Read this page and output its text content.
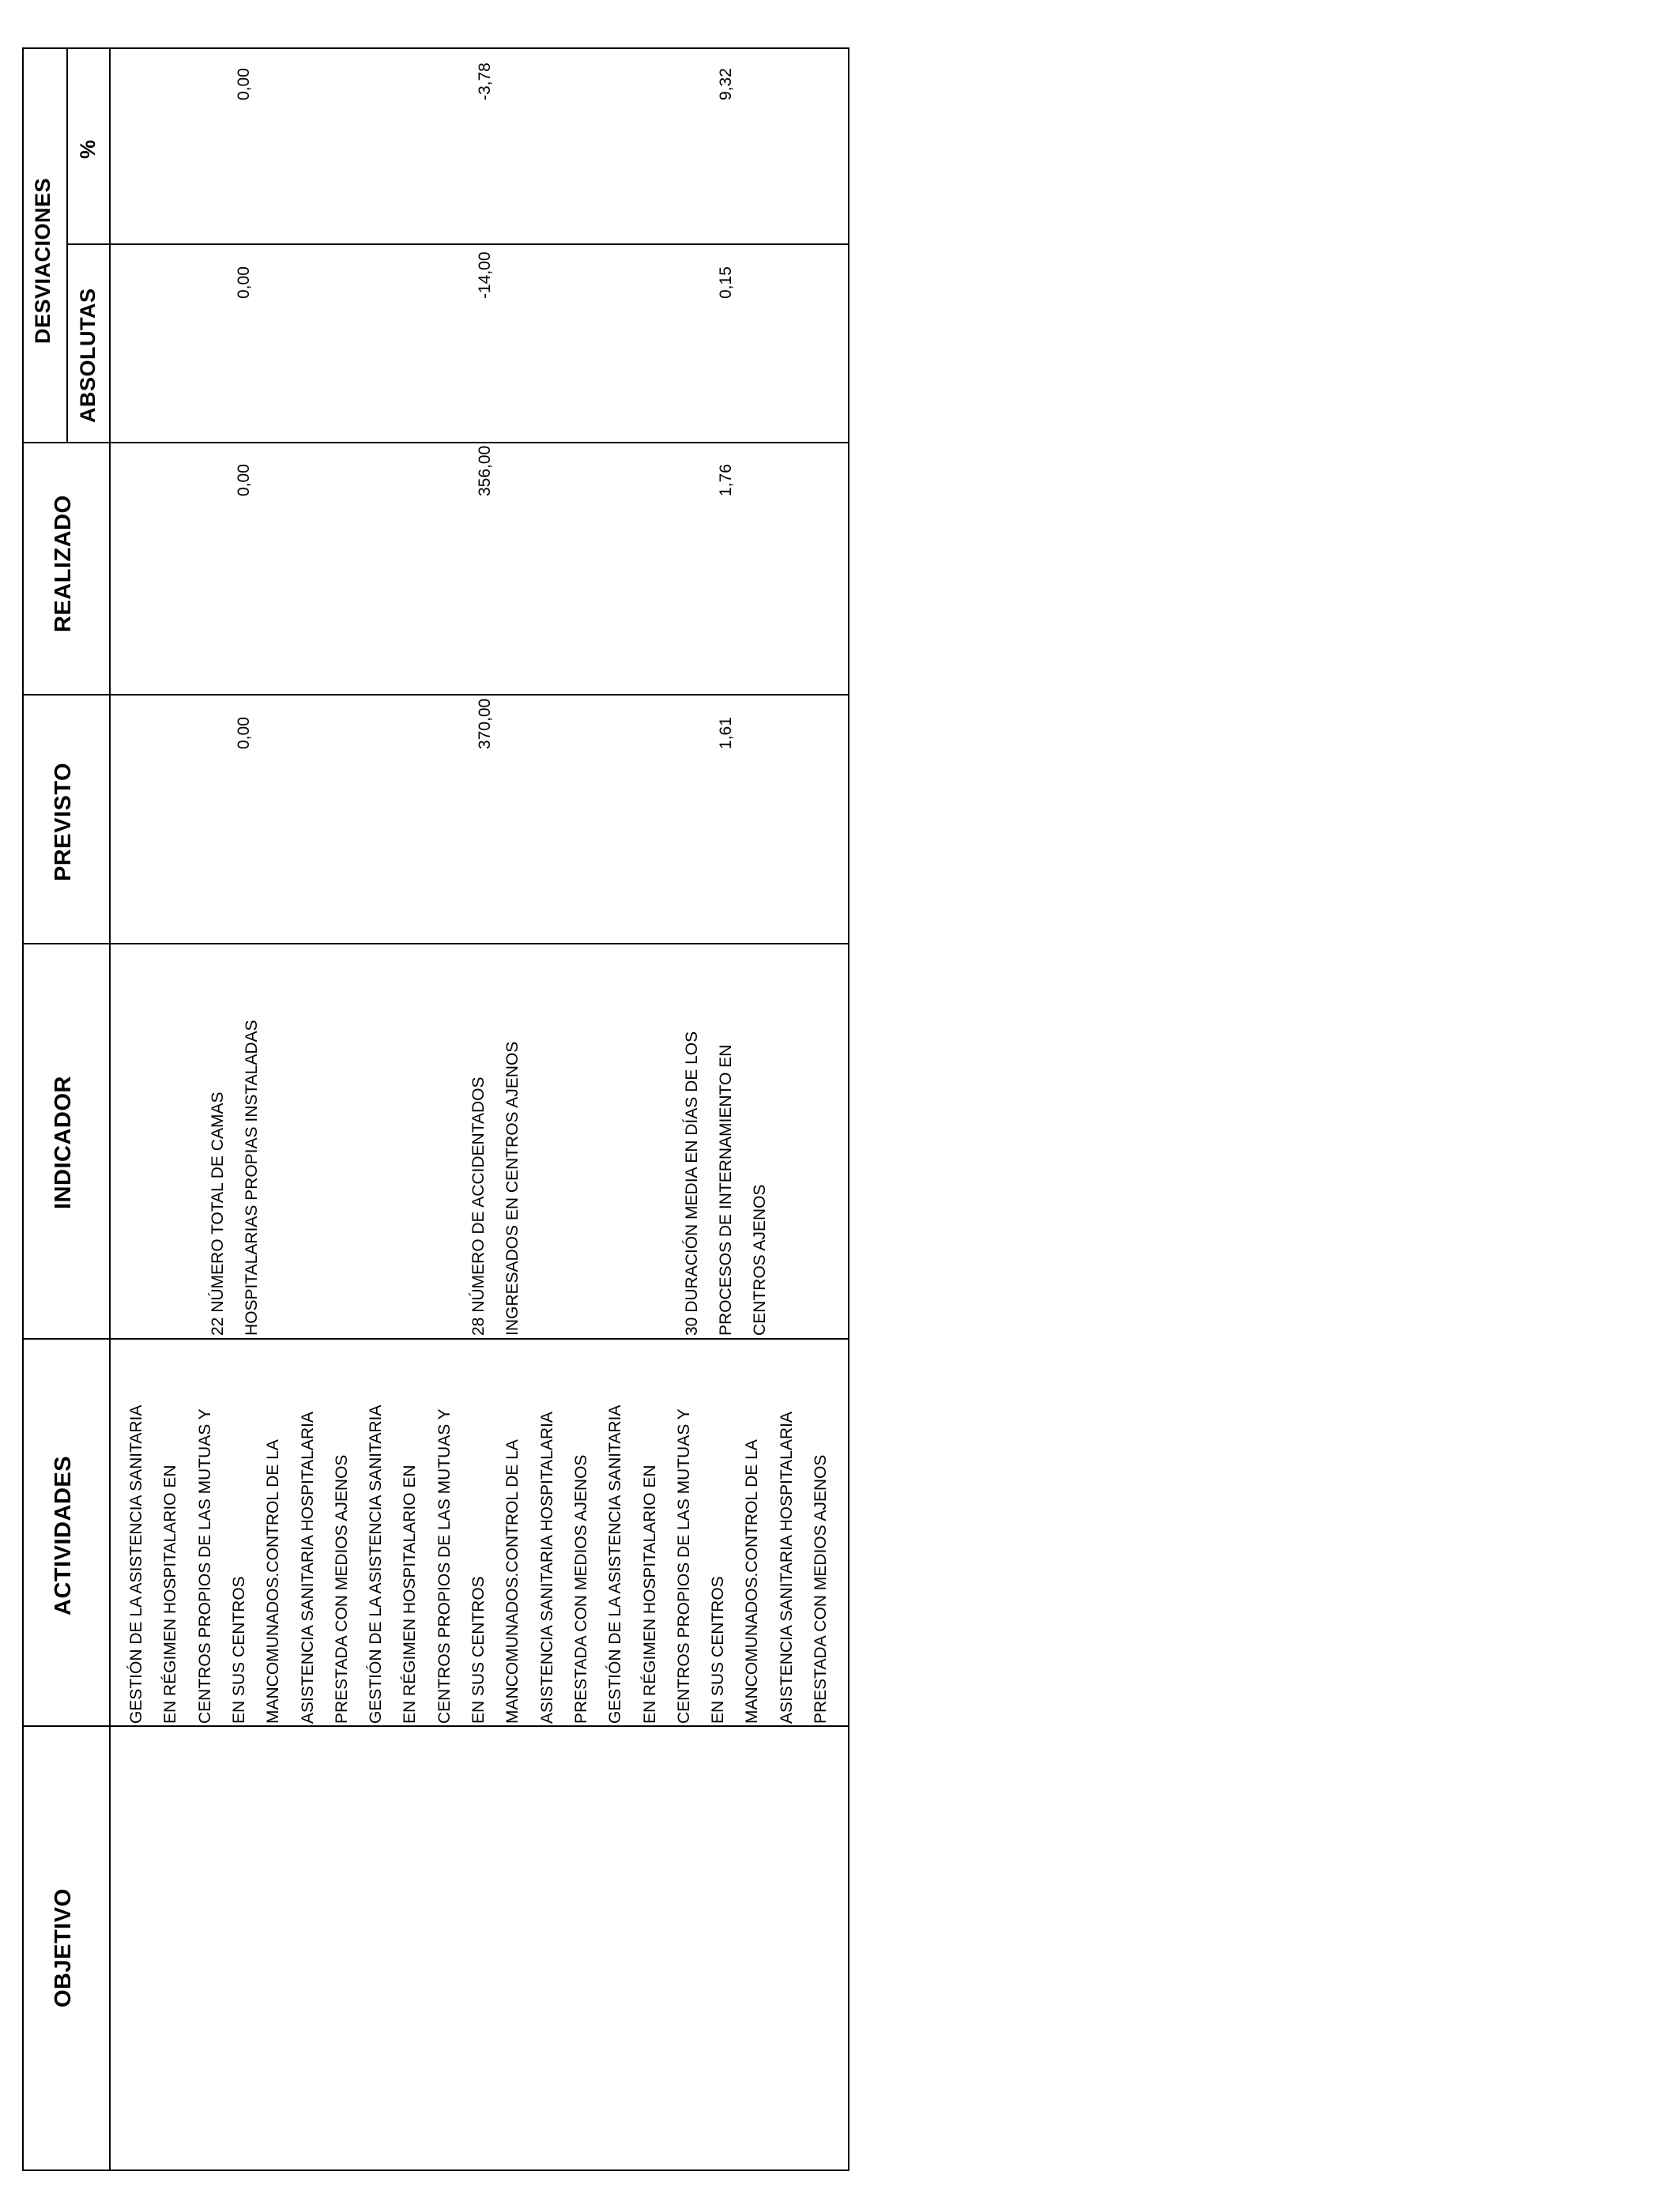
OBJETIVO
ACTIVIDADES
INDICADOR
PREVISTO
REALIZADO
DESVIACIONES
ABSOLUTAS
%
GESTIÓN DE LA ASISTENCIA SANITARIA EN RÉGIMEN HOSPITALARIO EN CENTROS PROPIOS DE LAS MUTUAS Y EN SUS CENTROS MANCOMUNADOS.CONTROL DE LA ASISTENCIA SANITARIA HOSPITALARIA PRESTADA CON MEDIOS AJENOS GESTIÓN DE LA ASISTENCIA SANITARIA EN RÉGIMEN HOSPITALARIO EN CENTROS PROPIOS DE LAS MUTUAS Y EN SUS CENTROS MANCOMUNADOS.CONTROL DE LA ASISTENCIA SANITARIA HOSPITALARIA PRESTADA CON MEDIOS AJENOS GESTIÓN DE LA ASISTENCIA SANITARIA EN RÉGIMEN HOSPITALARIO EN CENTROS PROPIOS DE LAS MUTUAS Y EN SUS CENTROS MANCOMUNADOS.CONTROL DE LA ASISTENCIA SANITARIA HOSPITALARIA PRESTADA CON MEDIOS AJENOS
22 NÚMERO TOTAL DE CAMAS HOSPITALARIAS PROPIAS INSTALADAS
0,00
0,00
0,00
0,00
28 NÚMERO DE ACCIDENTADOS INGRESADOS EN CENTROS AJENOS
370,00
356,00
-14,00
-3,78
30 DURACIÓN MEDIA EN DÍAS DE LOS PROCESOS DE INTERNAMIENTO EN CENTROS AJENOS
1,61
1,76
0,15
9,32
